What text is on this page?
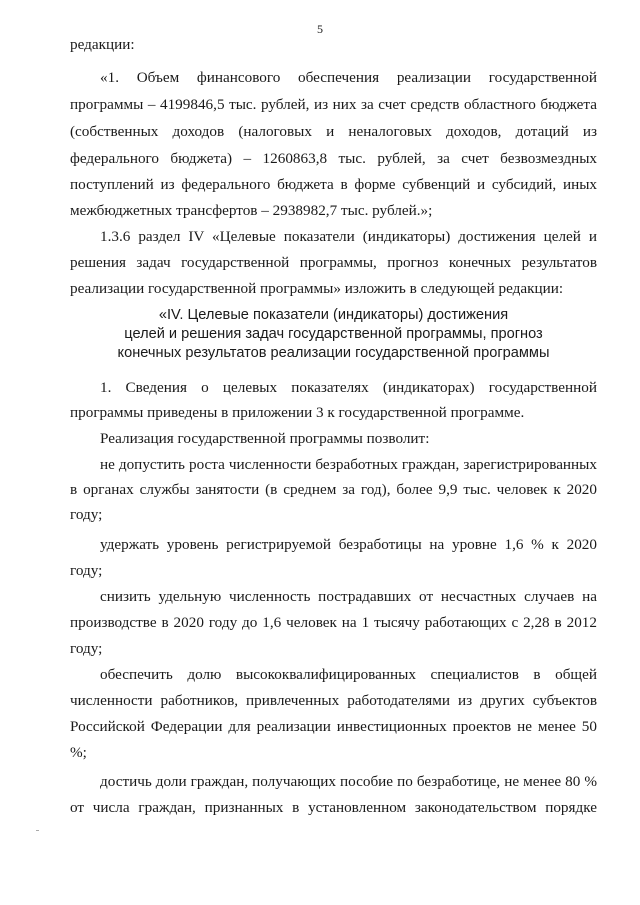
5
редакции:
«1. Объем финансового обеспечения реализации государственной
программы – 4199846,5 тыс. рублей, из них за счет средств областного бюджета
(собственных доходов (налоговых и неналоговых доходов, дотаций из
федерального бюджета) – 1260863,8 тыс. рублей, за счет безвозмездных
поступлений из федерального бюджета в форме субвенций и субсидий, иных
межбюджетных трансфертов – 2938982,7 тыс. рублей.»;
1.3.6 раздел IV «Целевые показатели (индикаторы) достижения целей и
решения задач государственной программы, прогноз конечных результатов
реализации государственной программы» изложить в следующей редакции:
«IV. Целевые показатели (индикаторы) достижения
целей и решения задач государственной программы, прогноз
конечных результатов реализации государственной программы
1. Сведения о целевых показателях (индикаторах) государственной
программы приведены в приложении 3 к государственной программе.
Реализация государственной программы позволит:
не допустить роста численности безработных граждан, зарегистрированных
в органах службы занятости (в среднем за год), более 9,9 тыс. человек к 2020
году;
удержать уровень регистрируемой безработицы на уровне 1,6 % к 2020
году;
снизить удельную численность пострадавших от несчастных случаев на
производстве в 2020 году до 1,6 человек на 1 тысячу работающих с 2,28 в 2012
году;
обеспечить долю высококвалифицированных специалистов в общей
численности работников, привлеченных работодателями из других субъектов
Российской Федерации для реализации инвестиционных проектов не менее 50
%;
достичь доли граждан, получающих пособие по безработице, не менее 80 %
от числа граждан, признанных в установленном законодательством порядке
